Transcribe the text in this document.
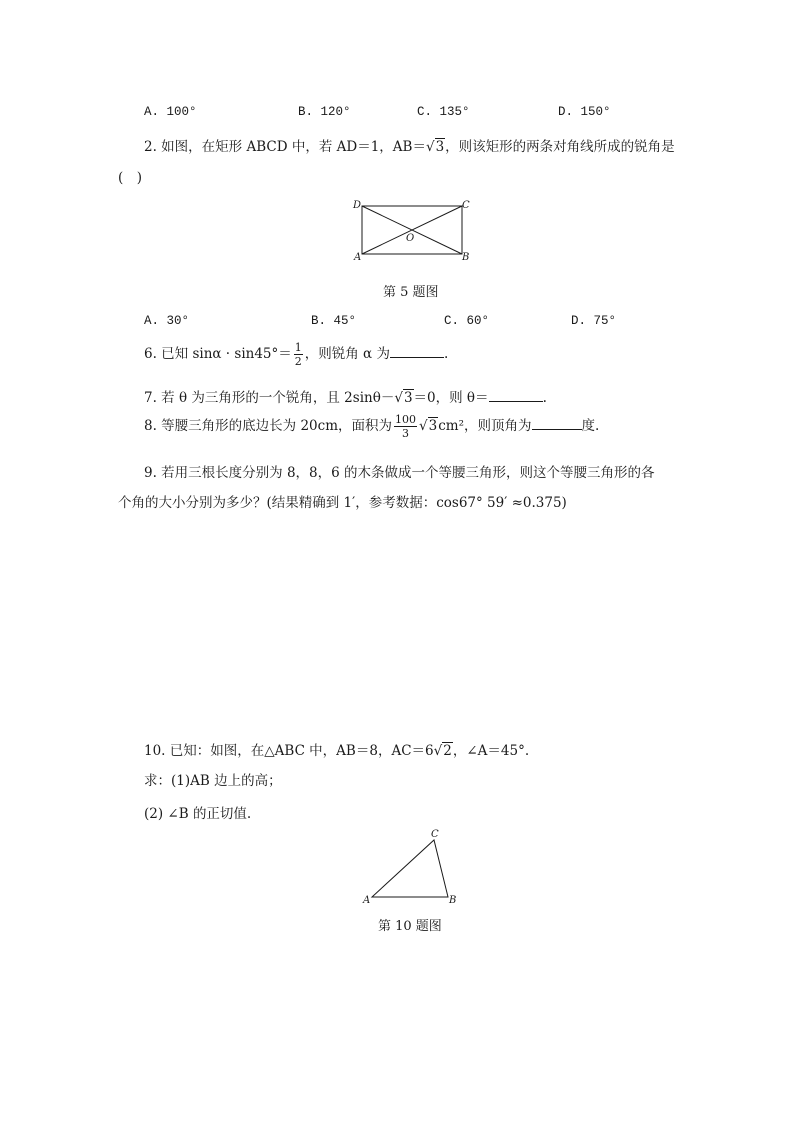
A. 100°	B. 120°	C. 135°	D. 150°
2. 如图，在矩形 ABCD 中，若 AD＝1，AB＝√3，则该矩形的两条对角线所成的锐角是
(　)
D	C
O
A	B
第 5 题图
A. 30°	B. 45°	C. 60°	D. 75°
6. 已知 $\sin\alpha \cdot \sin 45^\circ= \frac{1}{2}$ ，则锐角 α 为	.
7. 若 θ 为三角形的一个锐角，且 2sinθ－√3＝0，则 θ＝	.
8. 等腰三角形的底边长为 20cm，面积为 $\frac{100}{3} √3cm^2$，则顶角为	度.
9. 若用三根长度分别为 8，8，6 的木条做成一个等腰三角形，则这个等腰三角形的各
个角的大小分别为多少？(结果精确到 1′，参考数据：cos67° 59′ ≈0.375)
10. 已知：如图，在△ABC 中，AB＝8，AC＝6√2，∠A＝45°.
求：(1)AB 边上的高；
(2) ∠B 的正切值.
C
A	B
第 10 题图
